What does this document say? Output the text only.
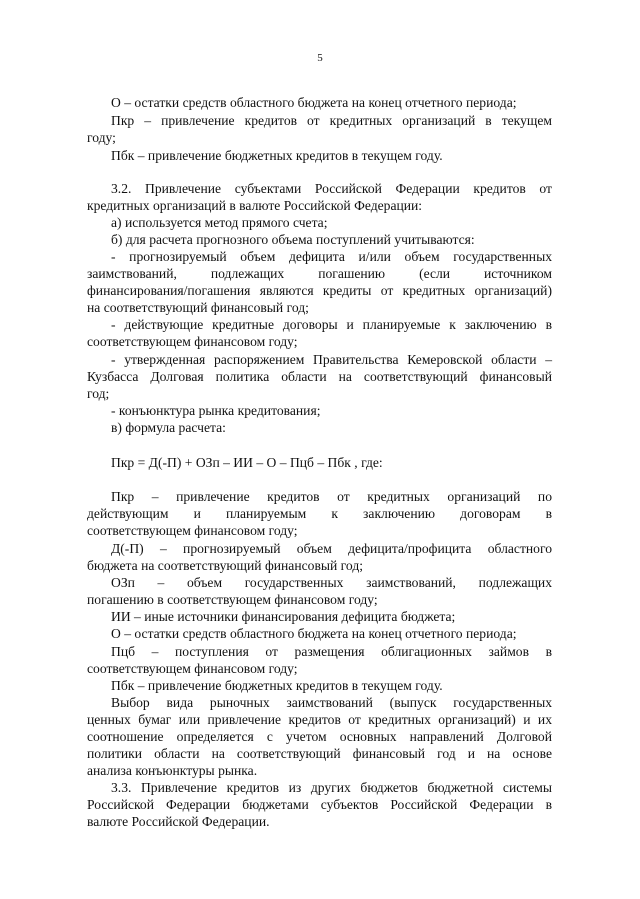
5
О – остатки средств областного бюджета на конец отчетного периода;
Пкр – привлечение кредитов от кредитных организаций в текущем
году;
Пбк – привлечение бюджетных кредитов в текущем году.
3.2. Привлечение субъектами Российской Федерации кредитов от
кредитных организаций в валюте Российской Федерации:
а) используется метод прямого счета;
б) для расчета прогнозного объема поступлений учитываются:
- прогнозируемый объем дефицита и/или объем государственных
заимствований, подлежащих погашению (если источником
финансирования/погашения являются кредиты от кредитных организаций)
на соответствующий финансовый год;
- действующие кредитные договоры и планируемые к заключению в
соответствующем финансовом году;
- утвержденная распоряжением Правительства Кемеровской области –
Кузбасса Долговая политика области на соответствующий финансовый
год;
- конъюнктура рынка кредитования;
в) формула расчета:
Пкр = Д(-П) + ОЗп – ИИ – О – Пцб – Пбк , где:
Пкр – привлечение кредитов от кредитных организаций по
действующим и планируемым к заключению договорам в
соответствующем финансовом году;
Д(-П) – прогнозируемый объем дефицита/профицита областного
бюджета на соответствующий финансовый год;
ОЗп – объем государственных заимствований, подлежащих
погашению в соответствующем финансовом году;
ИИ – иные источники финансирования дефицита бюджета;
О – остатки средств областного бюджета на конец отчетного периода;
Пцб – поступления от размещения облигационных займов в
соответствующем финансовом году;
Пбк – привлечение бюджетных кредитов в текущем году.
Выбор вида рыночных заимствований (выпуск государственных
ценных бумаг или привлечение кредитов от кредитных организаций) и их
соотношение определяется с учетом основных направлений Долговой
политики области на соответствующий финансовый год и на основе
анализа конъюнктуры рынка.
3.3. Привлечение кредитов из других бюджетов бюджетной системы
Российской Федерации бюджетами субъектов Российской Федерации в
валюте Российской Федерации.
